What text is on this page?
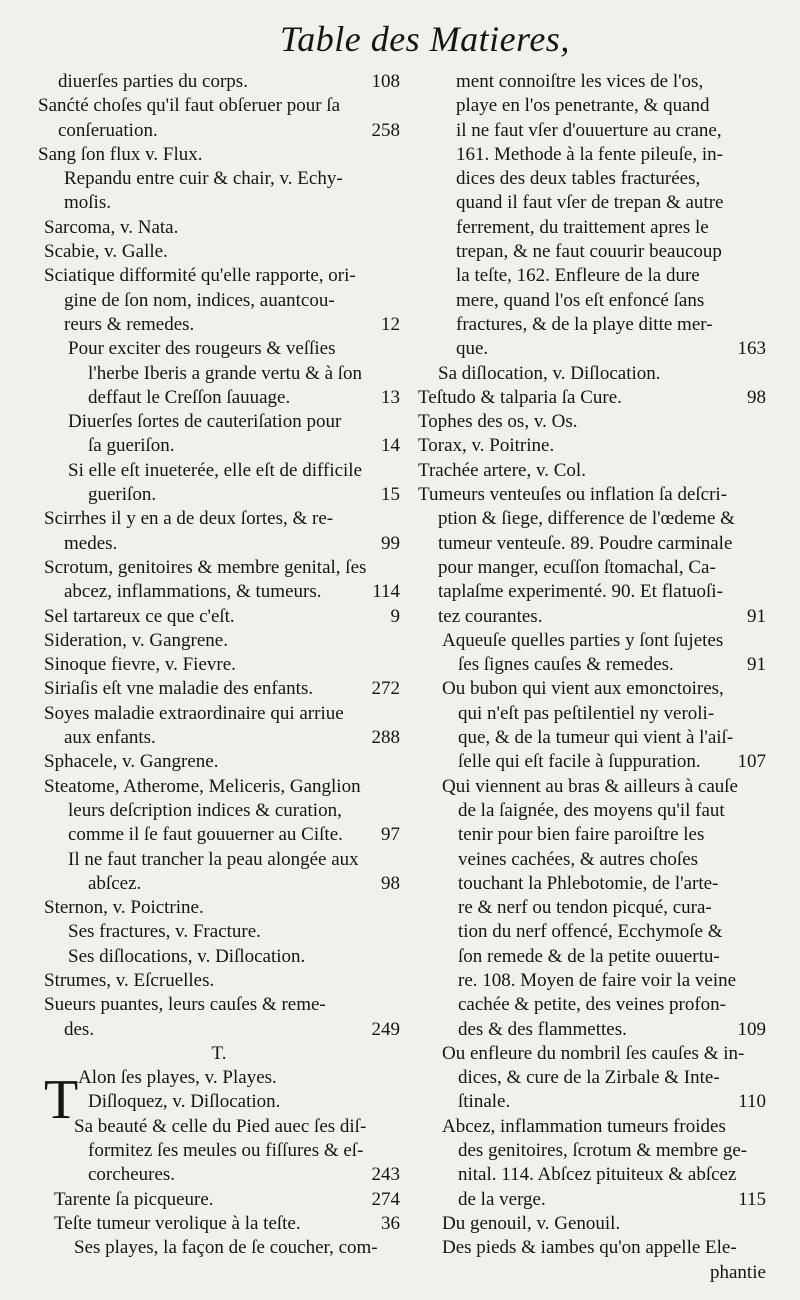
Table des Matieres,
diuerſes parties du corps.	108
Sanćté choſes qu'il faut obſeruer pour ſa
conſeruation.	258
Sang ſon flux v. Flux.
Repandu entre cuir & chair, v. Echy-
moſis.
Sarcoma, v. Nata.
Scabie, v. Galle.
Sciatique difformité qu'elle rapporte, ori-
gine de ſon nom, indices, auantcou-
reurs & remedes.	12
Pour exciter des rougeurs & veſſies
l'herbe Iberis a grande vertu & à ſon
deffaut le Creſſon ſauuage.	13
Diuerſes ſortes de cauteriſation pour
ſa gueriſon.	14
Si elle eſt inueterée, elle eſt de difficile
gueriſon.	15
Scirrhes il y en a de deux ſortes, & re-
medes.	99
Scrotum, genitoires & membre genital, ſes
abcez, inflammations, & tumeurs.	114
Sel tartareux ce que c'eſt.	9
Sideration, v. Gangrene.
Sinoque fievre, v. Fievre.
Siriaſis eſt vne maladie des enfants.	272
Soyes maladie extraordinaire qui arriue
aux enfants.	288
Sphacele, v. Gangrene.
Steatome, Atherome, Meliceris, Ganglion
leurs deſcription indices & curation,
comme il ſe faut gouuerner au Ciſte. 97
Il ne faut trancher la peau alongée aux
abſcez.	98
Sternon, v. Poictrine.
Ses fractures, v. Fracture.
Ses diſlocations, v. Diſlocation.
Strumes, v. Eſcruelles.
Sueurs puantes, leurs cauſes & reme-
des.	249
T.
T Alon ſes playes, v. Playes.
Diſloquez, v. Diſlocation.
Sa beauté & celle du Pied auec ſes diſ-
formitez ſes meules ou fiſſures & eſ-
corcheures.	243
Tarente ſa picqueure.	274
Teſte tumeur verolique à la teſte.	36
Ses playes, la façon de ſe coucher, com-
ment connoiſtre les vices de l'os,
playe en l'os penetrante, & quand
il ne faut vſer d'ouuerture au crane,
161. Methode à la fente pileuſe, in-
dices des deux tables fracturées,
quand il faut vſer de trepan & autre
ferrement, du traittement apres le
trepan, & ne faut couurir beaucoup
la teſte, 162. Enfleure de la dure
mere, quand l'os eſt enfoncé ſans
fractures, & de la playe ditte mer-
que.	163
Sa diſlocation, v. Diſlocation.
Teſtudo & talparia ſa Cure.	98
Tophes des os, v. Os.
Torax, v. Poitrine.
Trachée artere, v. Col.
Tumeurs venteuſes ou inflation ſa deſcri-
ption & ſiege, difference de l'œdeme &
tumeur venteuſe. 89. Poudre carminale
pour manger, ecuſſon ſtomachal, Ca-
taplaſme experimenté. 90. Et flatuoſi-
tez courantes.	91
Aqueuſe quelles parties y ſont ſujetes
ſes ſignes cauſes & remedes.	91
Ou bubon qui vient aux emonctoires,
qui n'eſt pas peſtilentiel ny veroli-
que, & de la tumeur qui vient à l'aiſ-
ſelle qui eſt facile à ſuppuration. 107
Qui viennent au bras & ailleurs à cauſe
de la ſaignée, des moyens qu'il faut
tenir pour bien faire paroiſtre les
veines cachées, & autres choſes
touchant la Phlebotomie, de l'arte-
re & nerf ou tendon picqué, cura-
tion du nerf offencé, Ecchymoſe &
ſon remede & de la petite ouuertu-
re. 108. Moyen de faire voir la veine
cachée & petite, des veines profon-
des & des flammettes.	109
Ou enfleure du nombril ſes cauſes & in-
dices, & cure de la Zirbale & Inte-
ſtinale.	110
Abcez, inflammation tumeurs froides
des genitoires, ſcrotum & membre ge-
nital. 114. Abſcez pituiteux & abſcez
de la verge.	115
Du genouil, v. Genouil.
Des pieds & iambes qu'on appelle Ele-
phantie
